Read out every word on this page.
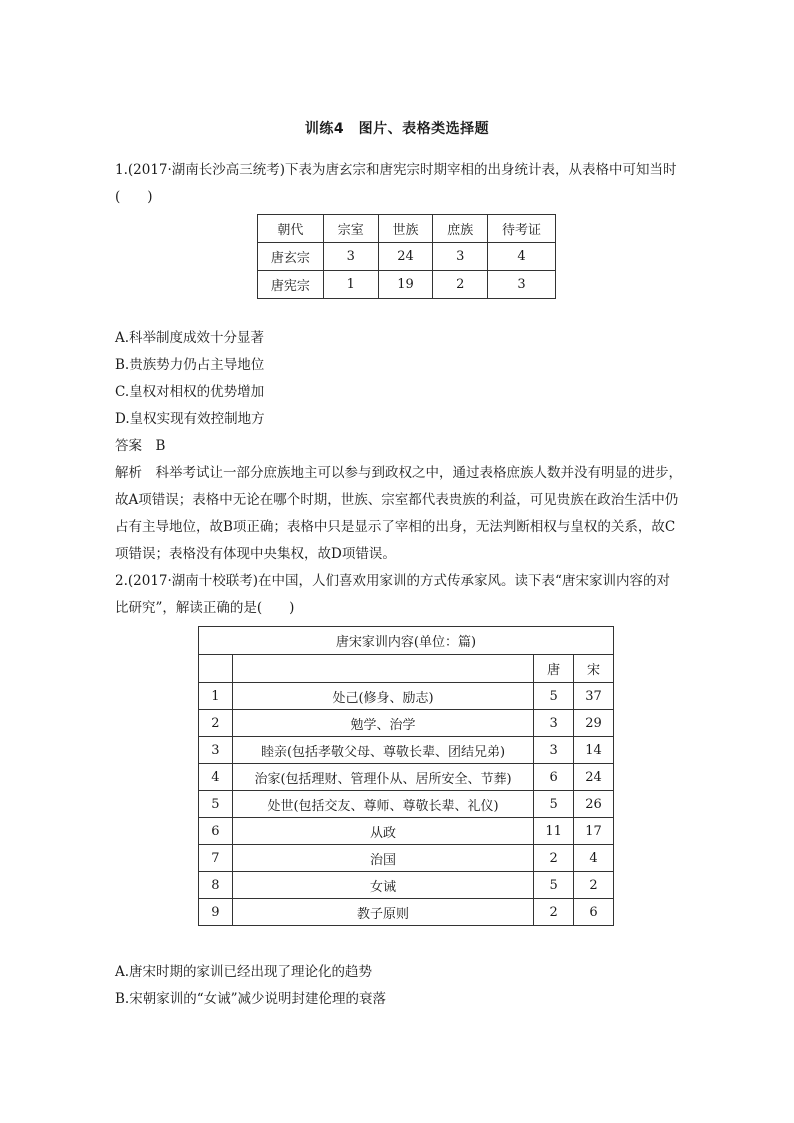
训练4　图片、表格类选择题
1.(2017·湖南长沙高三统考)下表为唐玄宗和唐宪宗时期宰相的出身统计表，从表格中可知当时
(　　)
朝代	宗室	世族	庶族	待考证
唐玄宗	3	24	3	4
唐宪宗	1	19	2	3
A.科举制度成效十分显著
B.贵族势力仍占主导地位
C.皇权对相权的优势增加
D.皇权实现有效控制地方
答案　B
解析　科举考试让一部分庶族地主可以参与到政权之中，通过表格庶族人数并没有明显的进步，
故A项错误；表格中无论在哪个时期，世族、宗室都代表贵族的利益，可见贵族在政治生活中仍
占有主导地位，故B项正确；表格中只是显示了宰相的出身，无法判断相权与皇权的关系，故C
项错误；表格没有体现中央集权，故D项错误。
2.(2017·湖南十校联考)在中国，人们喜欢用家训的方式传承家风。读下表“唐宋家训内容的对
比研究”，解读正确的是(　　)
唐宋家训内容(单位：篇)			
		唐	宋
1	处己(修身、励志)	5	37
2	勉学、治学	3	29
3	睦亲(包括孝敬父母、尊敬长辈、团结兄弟)	3	14
4	治家(包括理财、管理仆从、居所安全、节葬)	6	24
5	处世(包括交友、尊师、尊敬长辈、礼仪)	5	26
6	从政	11	17
7	治国	2	4
8	女诫	5	2
9	教子原则	2	6
A.唐宋时期的家训已经出现了理论化的趋势
B.宋朝家训的“女诫”减少说明封建伦理的衰落
